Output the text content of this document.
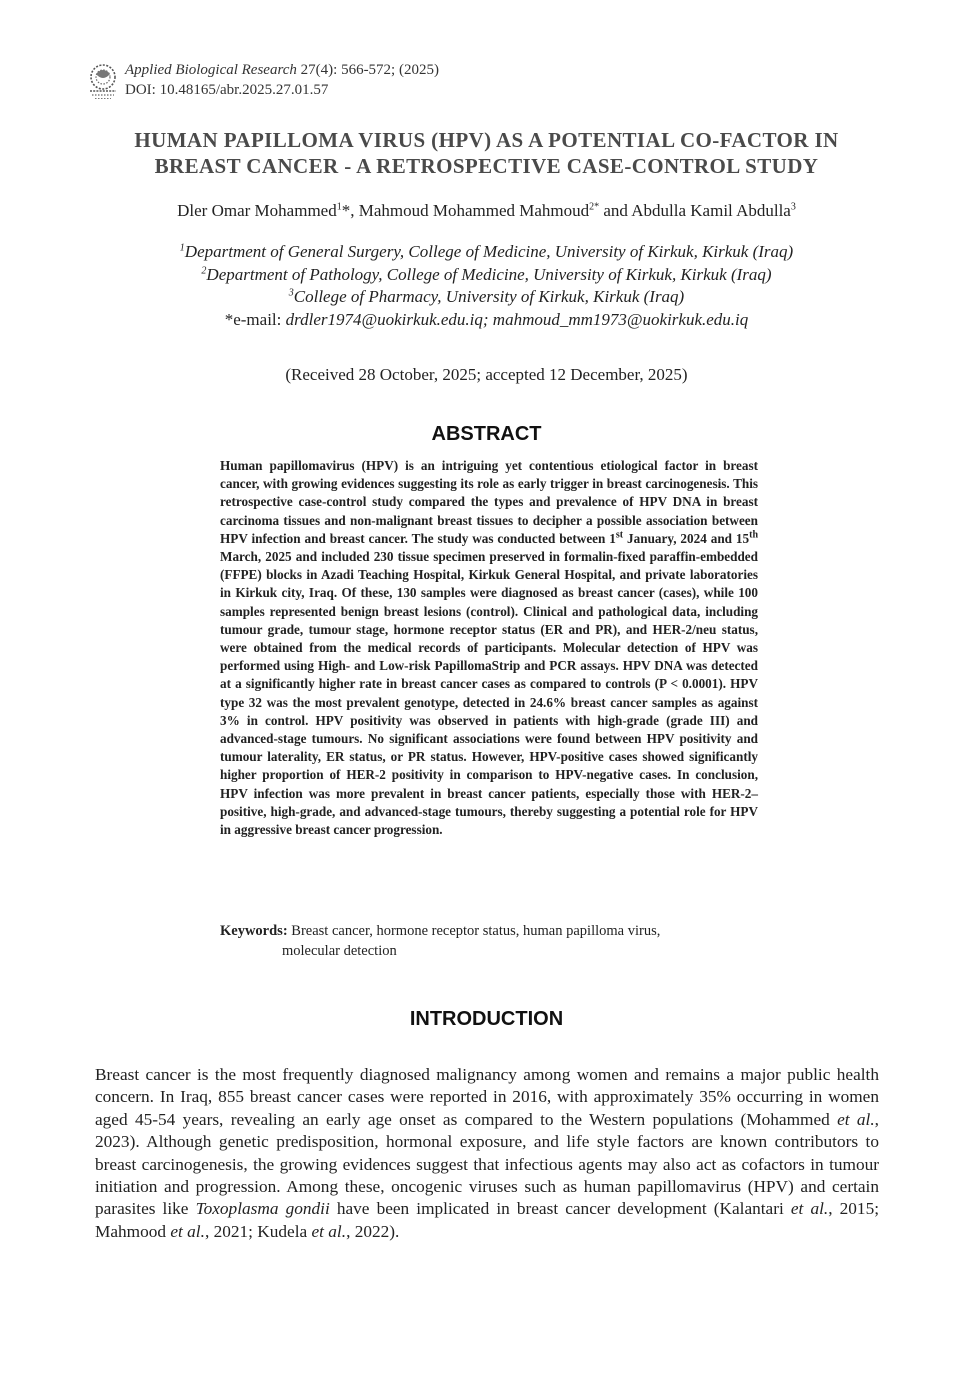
Applied Biological Research 27(4): 566-572; (2025)
DOI: 10.48165/abr.2025.27.01.57
HUMAN PAPILLOMA VIRUS (HPV) AS A POTENTIAL CO-FACTOR IN
BREAST CANCER - A RETROSPECTIVE CASE-CONTROL STUDY
Dler Omar Mohammed$^1$*, Mahmoud Mohammed Mahmoud$^{2*}$ and Abdulla Kamil Abdulla$^3$
$^1$Department of General Surgery, College of Medicine, University of Kirkuk, Kirkuk (Iraq)
$^2$Department of Pathology, College of Medicine, University of Kirkuk, Kirkuk (Iraq)
$^3$College of Pharmacy, University of Kirkuk, Kirkuk (Iraq)
*e-mail: drdler1974@uokirkuk.edu.iq; mahmoud_mm1973@uokirkuk.edu.iq
(Received 28 October, 2025; accepted 12 December, 2025)
ABSTRACT
Human papillomavirus (HPV) is an intriguing yet contentious etiological factor in breast cancer, with growing evidences suggesting its role as early trigger in breast carcinogenesis. This retrospective case-control study compared the types and prevalence of HPV DNA in breast carcinoma tissues and non-malignant breast tissues to decipher a possible association between HPV infection and breast cancer. The study was conducted between 1st January, 2024 and 15th March, 2025 and included 230 tissue specimen preserved in formalin-fixed paraffin-embedded (FFPE) blocks in Azadi Teaching Hospital, Kirkuk General Hospital, and private laboratories in Kirkuk city, Iraq. Of these, 130 samples were diagnosed as breast cancer (cases), while 100 samples represented benign breast lesions (control). Clinical and pathological data, including tumour grade, tumour stage, hormone receptor status (ER and PR), and HER-2/neu status, were obtained from the medical records of participants. Molecular detection of HPV was performed using High- and Low-risk PapillomaStrip and PCR assays. HPV DNA was detected at a significantly higher rate in breast cancer cases as compared to controls (P < 0.0001). HPV type 32 was the most prevalent genotype, detected in 24.6% breast cancer samples as against 3% in control. HPV positivity was observed in patients with high-grade (grade III) and advanced-stage tumours. No significant associations were found between HPV positivity and tumour laterality, ER status, or PR status. However, HPV-positive cases showed significantly higher proportion of HER-2 positivity in comparison to HPV-negative cases. In conclusion, HPV infection was more prevalent in breast cancer patients, especially those with HER-2–positive, high-grade, and advanced-stage tumours, thereby suggesting a potential role for HPV in aggressive breast cancer progression.
Keywords: Breast cancer, hormone receptor status, human papilloma virus,
molecular detection
INTRODUCTION
Breast cancer is the most frequently diagnosed malignancy among women and remains a major public health concern. In Iraq, 855 breast cancer cases were reported in 2016, with approximately 35% occurring in women aged 45-54 years, revealing an early age onset as compared to the Western populations (Mohammed et al., 2023). Although genetic predisposition, hormonal exposure, and life style factors are known contributors to breast carcinogenesis, the growing evidences suggest that infectious agents may also act as cofactors in tumour initiation and progression. Among these, oncogenic viruses such as human papillomavirus (HPV) and certain parasites like Toxoplasma gondii have been implicated in breast cancer development (Kalantari et al., 2015; Mahmood et al., 2021; Kudela et al., 2022).
